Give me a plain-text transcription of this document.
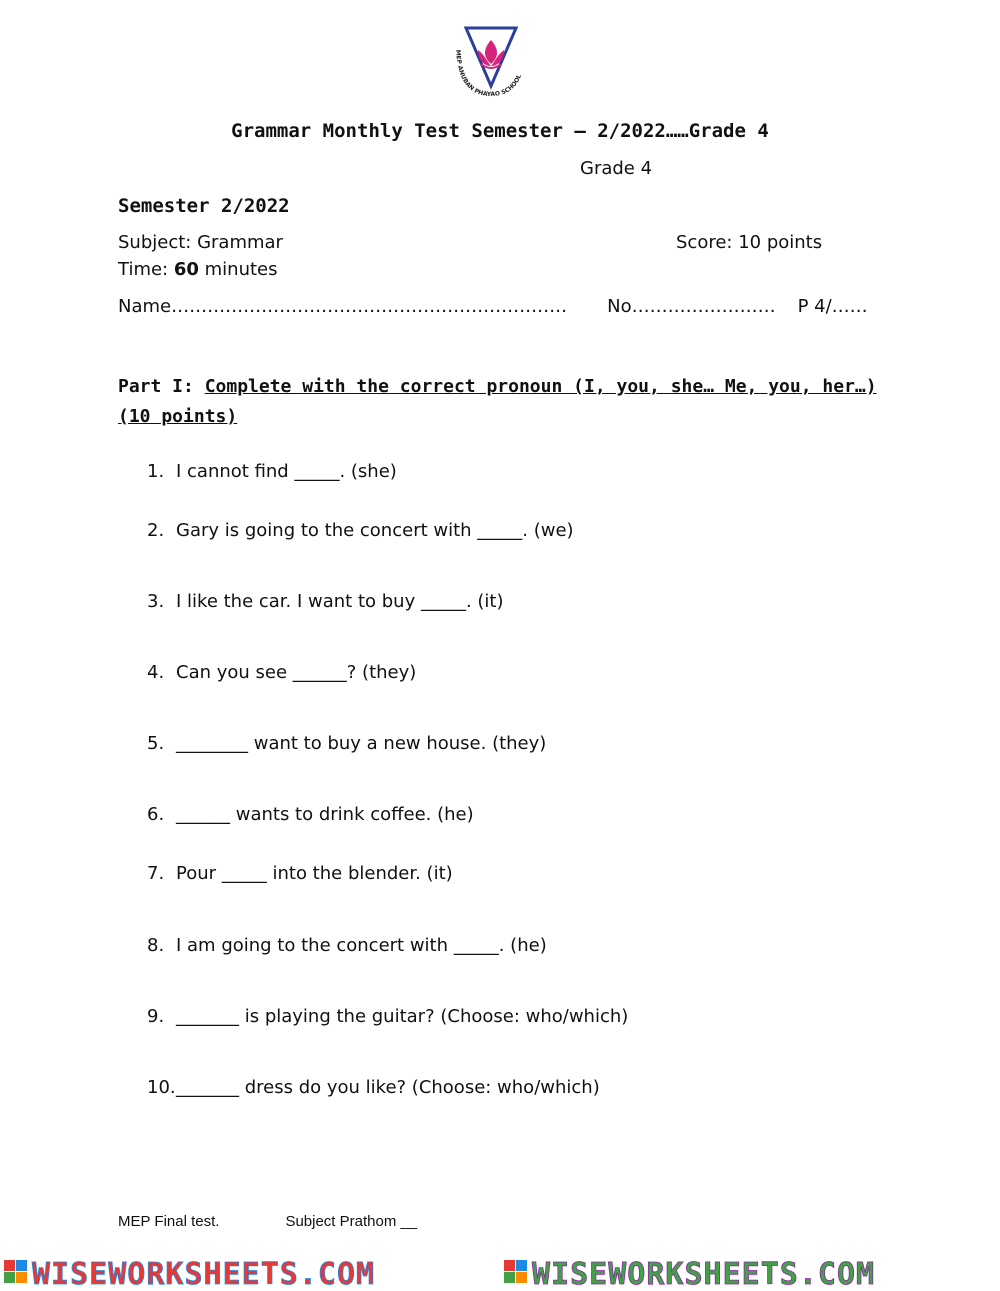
MEP ANUBAN PHAYAO SCHOOL
Grammar Monthly Test Semester – 2/2022……Grade 4
Grade 4
Semester 2/2022
Subject: Grammar	Score: 10 points
Time: 60 minutes
Name………………………………………………………… No…………………… P 4/……
Part I: Complete with the correct pronoun (I, you, she… Me, you, her…) (10 points)
1. I cannot find _____. (she)
2. Gary is going to the concert with _____. (we)
3. I like the car. I want to buy _____. (it)
4. Can you see ______? (they)
5. ________ want to buy a new house. (they)
6. ______ wants to drink coffee. (he)
7. Pour _____ into the blender. (it)
8. I am going to the concert with _____. (he)
9. _______ is playing the guitar? (Choose: who/which)
10._______ dress do you like? (Choose: who/which)
MEP Final test.	Subject Prathom __
WISEWORKSHEETS.COM	WISEWORKSHEETS.COM
